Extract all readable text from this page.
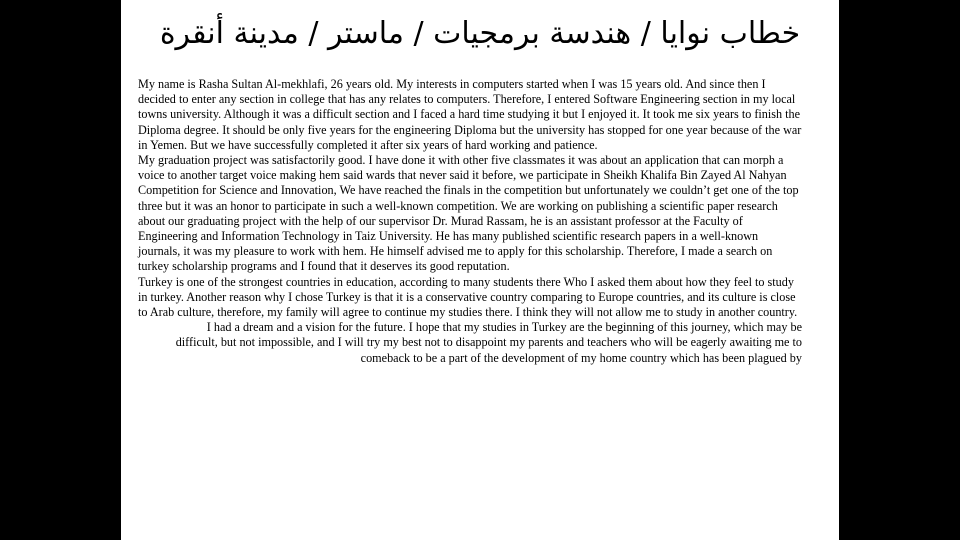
خطاب نوايا / هندسة برمجيات / ماستر / مدينة أنقرة

My name is Rasha Sultan Al-mekhlafi, 26 years old. My interests in computers started when I was 15 years old. And since then I decided to enter any section in college that has any relates to computers. Therefore, I entered Software Engineering section in my local towns university. Although it was a difficult section and I faced a hard time studying it but I enjoyed it. It took me six years to finish the Diploma degree. It should be only five years for the engineering Diploma but the university has stopped for one year because of the war in Yemen. But we have successfully completed it after six years of hard working and patience.

My graduation project was satisfactorily good. I have done it with other five classmates it was about an application that can morph a voice to another target voice making hem said wards that never said it before, we participate in Sheikh Khalifa Bin Zayed Al Nahyan Competition for Science and Innovation, We have reached the finals in the competition but unfortunately we couldn’t get one of the top three but it was an honor to participate in such a well-known competition. We are working on publishing a scientific paper research about our graduating project with the help of our supervisor Dr. Murad Rassam, he is an assistant professor at the Faculty of Engineering and Information Technology in Taiz University. He has many published scientific research papers in a well-known journals, it was my pleasure to work with hem. He himself advised me to apply for this scholarship. Therefore, I made a search on turkey scholarship programs and I found that it deserves its good reputation.

Turkey is one of the strongest countries in education, according to many students there Who I asked them about how they feel to study in turkey. Another reason why I chose Turkey is that it is a conservative country comparing to Europe countries, and its culture is close to Arab culture, therefore, my family will agree to continue my studies there. I think they will not allow me to study in another country.

I had a dream and a vision for the future. I hope that my studies in Turkey are the beginning of this journey, which may be difficult, but not impossible, and I will try my best not to disappoint my parents and teachers who will be eagerly awaiting me to comeback to be a part of the development of my home country which has been plagued by
